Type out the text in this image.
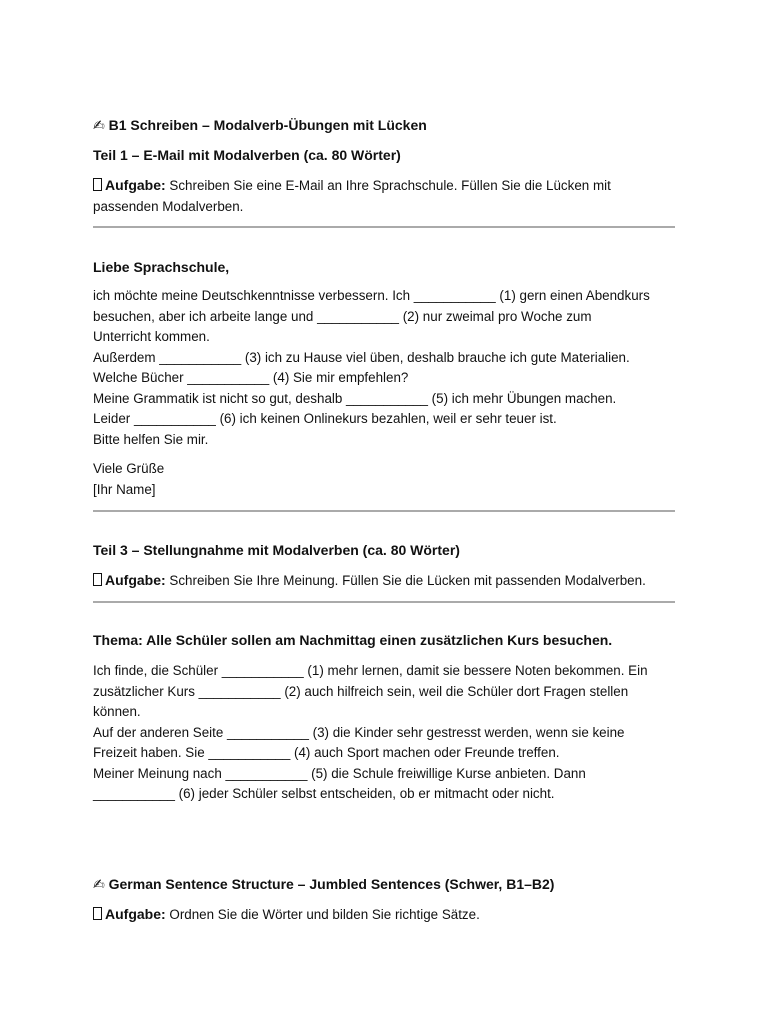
✍ B1 Schreiben – Modalverb-Übungen mit Lücken
Teil 1 – E-Mail mit Modalverben (ca. 80 Wörter)
Aufgabe: Schreiben Sie eine E-Mail an Ihre Sprachschule. Füllen Sie die Lücken mit
passenden Modalverben.
Liebe Sprachschule,
ich möchte meine Deutschkenntnisse verbessern. Ich ___________ (1) gern einen Abendkurs
besuchen, aber ich arbeite lange und ___________ (2) nur zweimal pro Woche zum
Unterricht kommen.
Außerdem ___________ (3) ich zu Hause viel üben, deshalb brauche ich gute Materialien.
Welche Bücher ___________ (4) Sie mir empfehlen?
Meine Grammatik ist nicht so gut, deshalb ___________ (5) ich mehr Übungen machen.
Leider ___________ (6) ich keinen Onlinekurs bezahlen, weil er sehr teuer ist.
Bitte helfen Sie mir.
Viele Grüße
[Ihr Name]
Teil 3 – Stellungnahme mit Modalverben (ca. 80 Wörter)
Aufgabe: Schreiben Sie Ihre Meinung. Füllen Sie die Lücken mit passenden Modalverben.
Thema: Alle Schüler sollen am Nachmittag einen zusätzlichen Kurs besuchen.
Ich finde, die Schüler ___________ (1) mehr lernen, damit sie bessere Noten bekommen. Ein
zusätzlicher Kurs ___________ (2) auch hilfreich sein, weil die Schüler dort Fragen stellen
können.
Auf der anderen Seite ___________ (3) die Kinder sehr gestresst werden, wenn sie keine
Freizeit haben. Sie ___________ (4) auch Sport machen oder Freunde treffen.
Meiner Meinung nach ___________ (5) die Schule freiwillige Kurse anbieten. Dann
___________ (6) jeder Schüler selbst entscheiden, ob er mitmacht oder nicht.
✍ German Sentence Structure – Jumbled Sentences (Schwer, B1–B2)
Aufgabe: Ordnen Sie die Wörter und bilden Sie richtige Sätze.
